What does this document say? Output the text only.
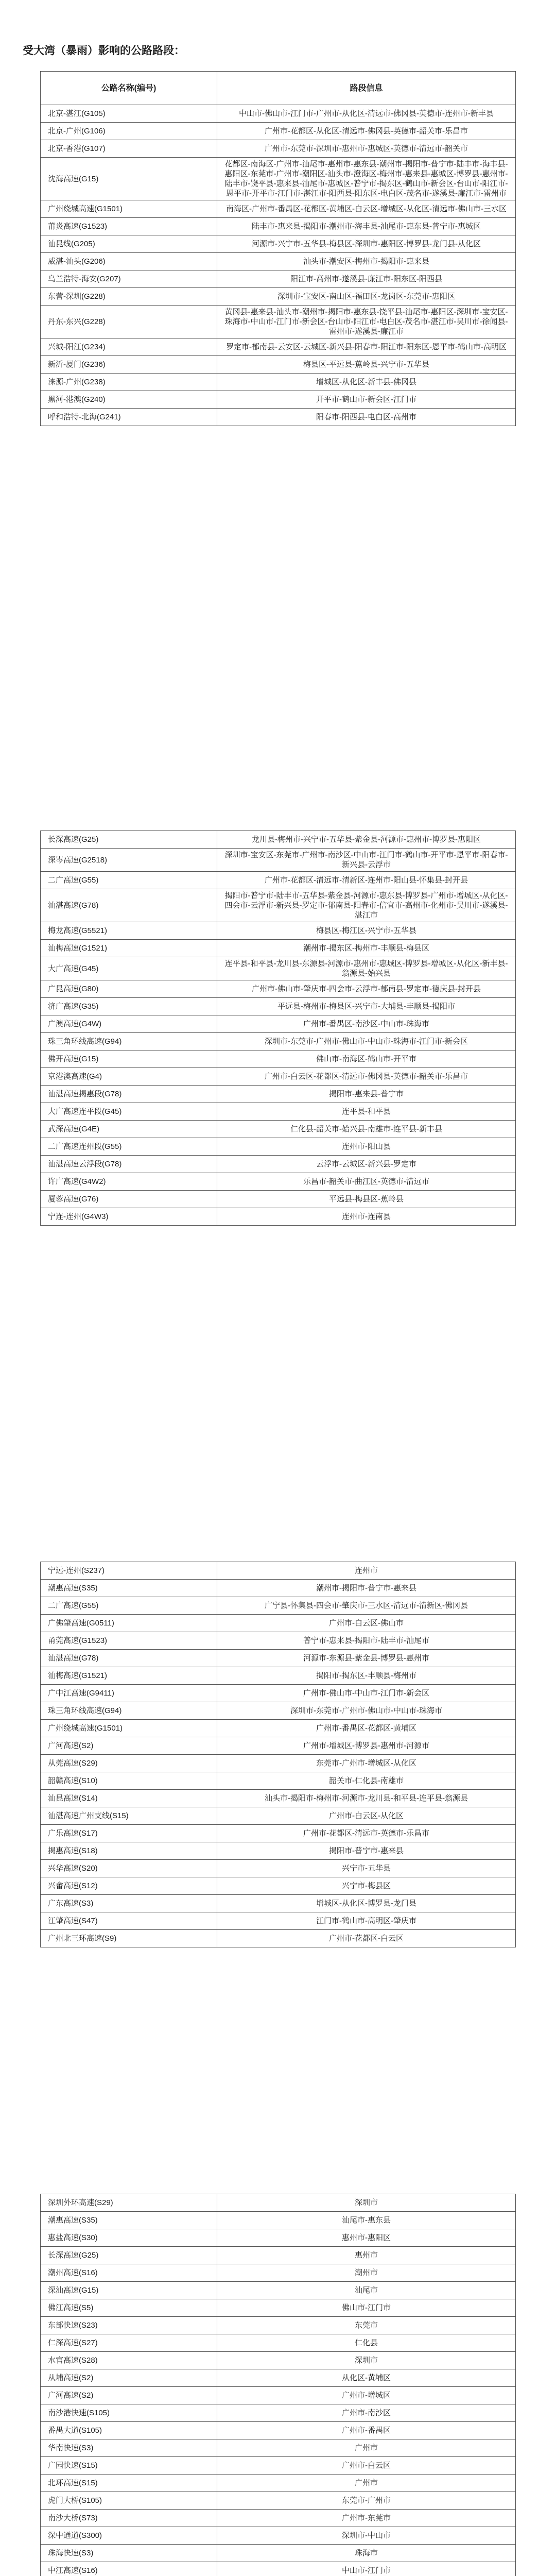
受大湾（暴雨）影响的公路路段：
公路名称(编号)	路段信息
北京-湛江(G105)	中山市-佛山市-江门市-广州市-从化区-清远市-佛冈县-英德市-连州市-新丰县
北京-广州(G106)	广州市-花都区-从化区-清远市-佛冈县-英德市-韶关市-乐昌市
北京-香港(G107)	广州市-东莞市-深圳市-惠州市-惠城区-英德市-清远市-韶关市
沈海高速(G15)	花都区-南海区-广州市-汕尾市-惠州市-惠东县-潮州市-揭阳市-普宁市-陆丰市-海丰县-惠阳区-东莞市-广州市-潮阳区-汕头市-澄海区-梅州市-惠来县-惠城区-博罗县-惠州市-陆丰市-饶平县-惠来县-汕尾市-惠城区-普宁市-揭东区-鹤山市-新会区-台山市-阳江市-恩平市-开平市-江门市-湛江市-阳西县-阳东区-电白区-茂名市-遂溪县-廉江市-雷州市
广州绕城高速(G1501)	南海区-广州市-番禺区-花都区-黄埔区-白云区-增城区-从化区-清远市-佛山市-三水区
莆炎高速(G1523)	陆丰市-惠来县-揭阳市-潮州市-海丰县-汕尾市-惠东县-普宁市-惠城区
汕昆线(G205)	河源市-兴宁市-五华县-梅县区-深圳市-惠阳区-博罗县-龙门县-从化区
威湛-汕头(G206)	汕头市-潮安区-梅州市-揭阳市-惠来县
乌兰浩特-海安(G207)	阳江市-高州市-遂溪县-廉江市-阳东区-阳西县
东营-深圳(G228)	深圳市-宝安区-南山区-福田区-龙岗区-东莞市-惠阳区
丹东-东兴(G228)	黄冈县-惠来县-汕头市-潮州市-揭阳市-惠东县-饶平县-汕尾市-惠阳区-深圳市-宝安区-珠海市-中山市-江门市-新会区-台山市-阳江市-电白区-茂名市-湛江市-吴川市-徐闻县-雷州市-遂溪县-廉江市
兴城-阳江(G234)	罗定市-郁南县-云安区-云城区-新兴县-阳春市-阳江市-阳东区-恩平市-鹤山市-高明区
新沂-厦门(G236)	梅县区-平远县-蕉岭县-兴宁市-五华县
涞源-广州(G238)	增城区-从化区-新丰县-佛冈县
黑河-港澳(G240)	开平市-鹤山市-新会区-江门市
呼和浩特-北海(G241)	阳春市-阳西县-电白区-高州市
长深高速(G25)	龙川县-梅州市-兴宁市-五华县-紫金县-河源市-惠州市-博罗县-惠阳区
深岑高速(G2518)	深圳市-宝安区-东莞市-广州市-南沙区-中山市-江门市-鹤山市-开平市-恩平市-阳春市-新兴县-云浮市
二广高速(G55)	广州市-花都区-清远市-清新区-连州市-阳山县-怀集县-封开县
汕湛高速(G78)	揭阳市-普宁市-陆丰市-五华县-紫金县-河源市-惠东县-博罗县-广州市-增城区-从化区-四会市-云浮市-新兴县-罗定市-郁南县-阳春市-信宜市-高州市-化州市-吴川市-遂溪县-湛江市
梅龙高速(G5521)	梅县区-梅江区-兴宁市-五华县
汕梅高速(G1521)	潮州市-揭东区-梅州市-丰顺县-梅县区
大广高速(G45)	连平县-和平县-龙川县-东源县-河源市-惠州市-惠城区-博罗县-增城区-从化区-新丰县-翁源县-始兴县
广昆高速(G80)	广州市-佛山市-肇庆市-四会市-云浮市-郁南县-罗定市-德庆县-封开县
济广高速(G35)	平远县-梅州市-梅县区-兴宁市-大埔县-丰顺县-揭阳市
广澳高速(G4W)	广州市-番禺区-南沙区-中山市-珠海市
珠三角环线高速(G94)	深圳市-东莞市-广州市-佛山市-中山市-珠海市-江门市-新会区
佛开高速(G15)	佛山市-南海区-鹤山市-开平市
京港澳高速(G4)	广州市-白云区-花都区-清远市-佛冈县-英德市-韶关市-乐昌市
汕湛高速揭惠段(G78)	揭阳市-惠来县-普宁市
大广高速连平段(G45)	连平县-和平县
武深高速(G4E)	仁化县-韶关市-始兴县-南雄市-连平县-新丰县
二广高速连州段(G55)	连州市-阳山县
汕湛高速云浮段(G78)	云浮市-云城区-新兴县-罗定市
许广高速(G4W2)	乐昌市-韶关市-曲江区-英德市-清远市
厦蓉高速(G76)	平远县-梅县区-蕉岭县
宁连-连州(G4W3)	连州市-连南县
宁远-连州(S237)	连州市
潮惠高速(S35)	潮州市-揭阳市-普宁市-惠来县
二广高速(G55)	广宁县-怀集县-四会市-肇庆市-三水区-清远市-清新区-佛冈县
广佛肇高速(G0511)	广州市-白云区-佛山市
甬莞高速(G1523)	普宁市-惠来县-揭阳市-陆丰市-汕尾市
汕湛高速(G78)	河源市-东源县-紫金县-博罗县-惠州市
汕梅高速(G1521)	揭阳市-揭东区-丰顺县-梅州市
广中江高速(G9411)	广州市-佛山市-中山市-江门市-新会区
珠三角环线高速(G94)	深圳市-东莞市-广州市-佛山市-中山市-珠海市
广州绕城高速(G1501)	广州市-番禺区-花都区-黄埔区
广河高速(S2)	广州市-增城区-博罗县-惠州市-河源市
从莞高速(S29)	东莞市-广州市-增城区-从化区
韶赣高速(S10)	韶关市-仁化县-南雄市
汕昆高速(S14)	汕头市-揭阳市-梅州市-河源市-龙川县-和平县-连平县-翁源县
汕湛高速广州支线(S15)	广州市-白云区-从化区
广乐高速(S17)	广州市-花都区-清远市-英德市-乐昌市
揭惠高速(S18)	揭阳市-普宁市-惠来县
兴华高速(S20)	兴宁市-五华县
兴畲高速(S12)	兴宁市-梅县区
广东高速(S3)	增城区-从化区-博罗县-龙门县
江肇高速(S47)	江门市-鹤山市-高明区-肇庆市
广州北三环高速(S9)	广州市-花都区-白云区
深圳外环高速(S29)	深圳市
潮惠高速(S35)	汕尾市-惠东县
惠盐高速(S30)	惠州市-惠阳区
长深高速(G25)	惠州市
潮州高速(S16)	潮州市
深汕高速(G15)	汕尾市
佛江高速(S5)	佛山市-江门市
东部快速(S23)	东莞市
仁深高速(S27)	仁化县
水官高速(S28)	深圳市
从埔高速(S2)	从化区-黄埔区
广河高速(S2)	广州市-增城区
南沙港快速(S105)	广州市-南沙区
番禺大道(S105)	广州市-番禺区
华南快速(S3)	广州市
广园快速(S15)	广州市-白云区
北环高速(S15)	广州市
虎门大桥(S105)	东莞市-广州市
南沙大桥(S73)	广州市-东莞市
深中通道(S300)	深圳市-中山市
珠海快速(S3)	珠海市
中江高速(S16)	中山市-江门市
